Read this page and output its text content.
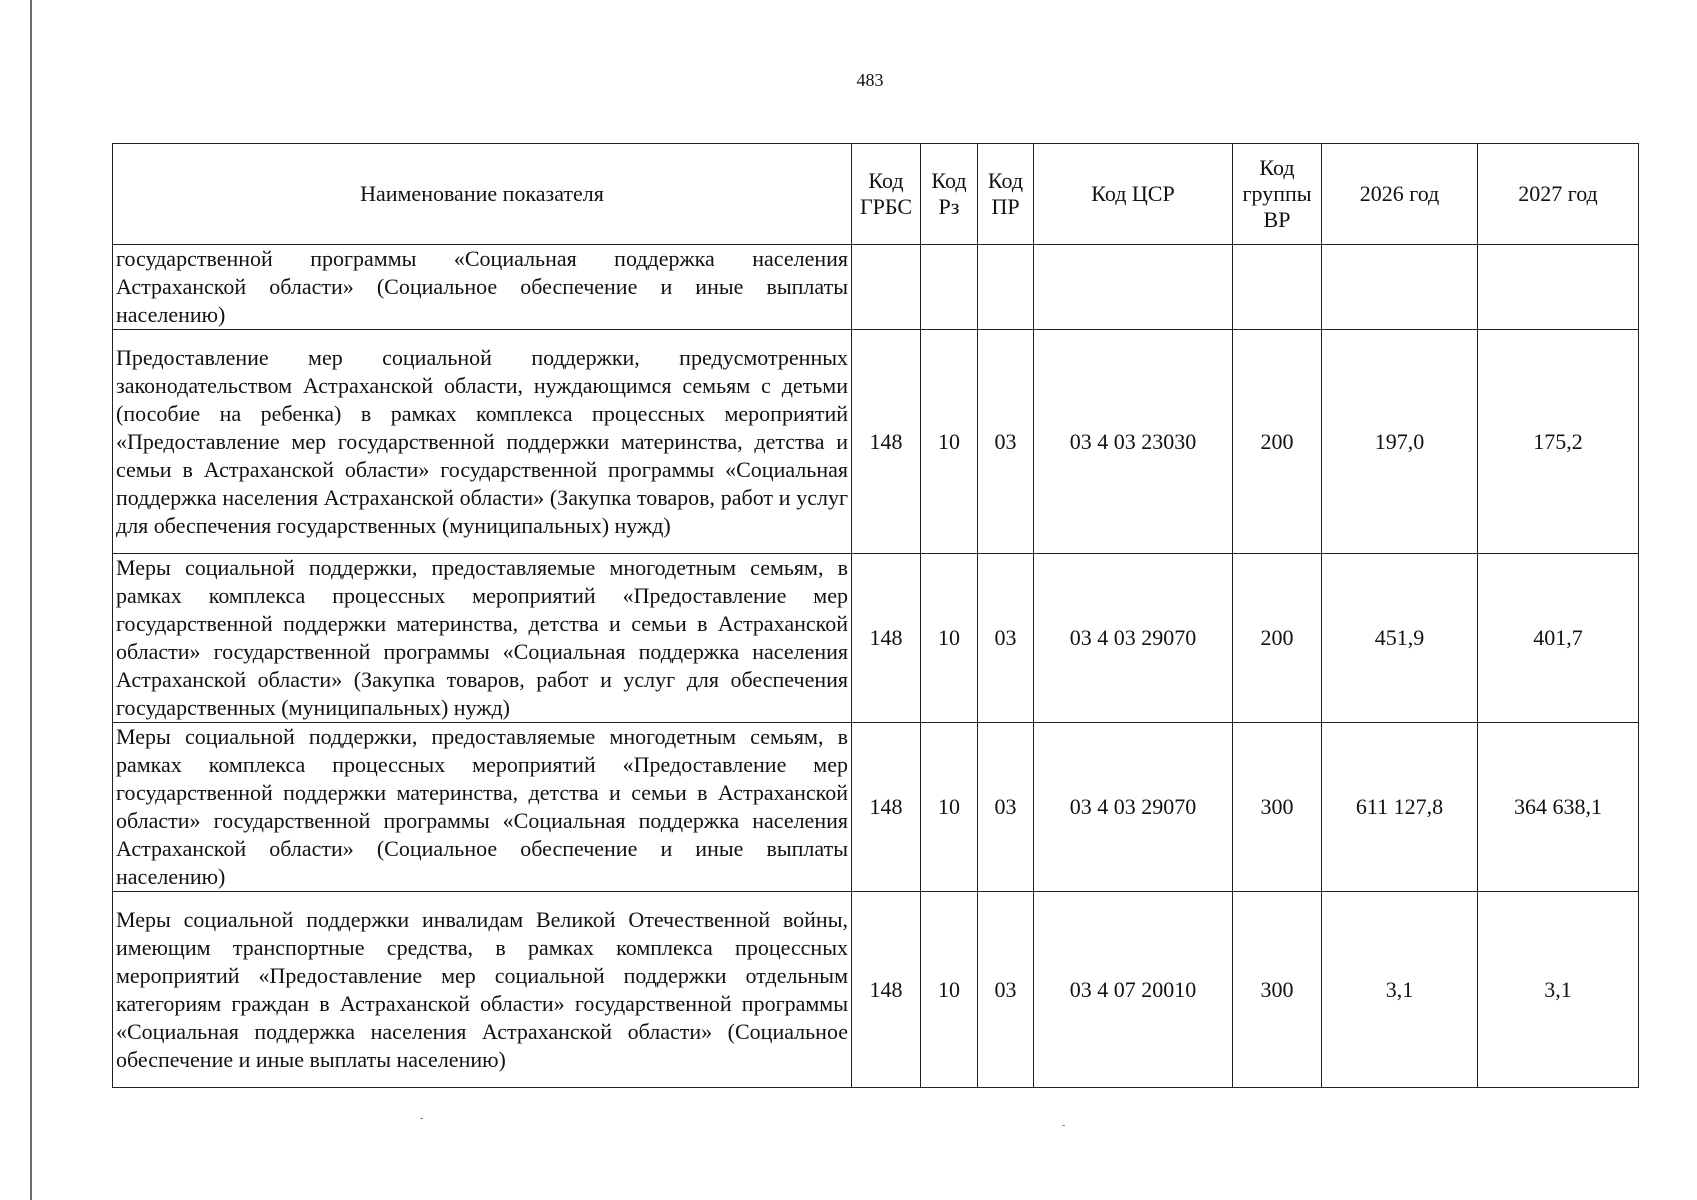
483
Наименование показателя	Код ГРБС	Код Рз	Код ПР	Код ЦСР	Код группы ВР	2026 год	2027 год
государственной программы «Социальная поддержка населения Астраханской области» (Социальное обеспечение и иные выплаты населению)							
Предоставление мер социальной поддержки, предусмотренных законодательством Астраханской области, нуждающимся семьям с детьми (пособие на ребенка) в рамках комплекса процессных мероприятий «Предоставление мер государственной поддержки материнства, детства и семьи в Астраханской области» государственной программы «Социальная поддержка населения Астраханской области» (Закупка товаров, работ и услуг для обеспечения государственных (муниципальных) нужд)	148	10	03	03 4 03 23030	200	197,0	175,2
Меры социальной поддержки, предоставляемые многодетным семьям, в рамках комплекса процессных мероприятий «Предоставление мер государственной поддержки материнства, детства и семьи в Астраханской области» государственной программы «Социальная поддержка населения Астраханской области» (Закупка товаров, работ и услуг для обеспечения государственных (муниципальных) нужд)	148	10	03	03 4 03 29070	200	451,9	401,7
Меры социальной поддержки, предоставляемые многодетным семьям, в рамках комплекса процессных мероприятий «Предоставление мер государственной поддержки материнства, детства и семьи в Астраханской области» государственной программы «Социальная поддержка населения Астраханской области» (Социальное обеспечение и иные выплаты населению)	148	10	03	03 4 03 29070	300	611 127,8	364 638,1
Меры социальной поддержки инвалидам Великой Отечественной войны, имеющим транспортные средства, в рамках комплекса процессных мероприятий «Предоставление мер социальной поддержки отдельным категориям граждан в Астраханской области» государственной программы «Социальная поддержка населения Астраханской области» (Социальное обеспечение и иные выплаты населению)	148	10	03	03 4 07 20010	300	3,1	3,1
